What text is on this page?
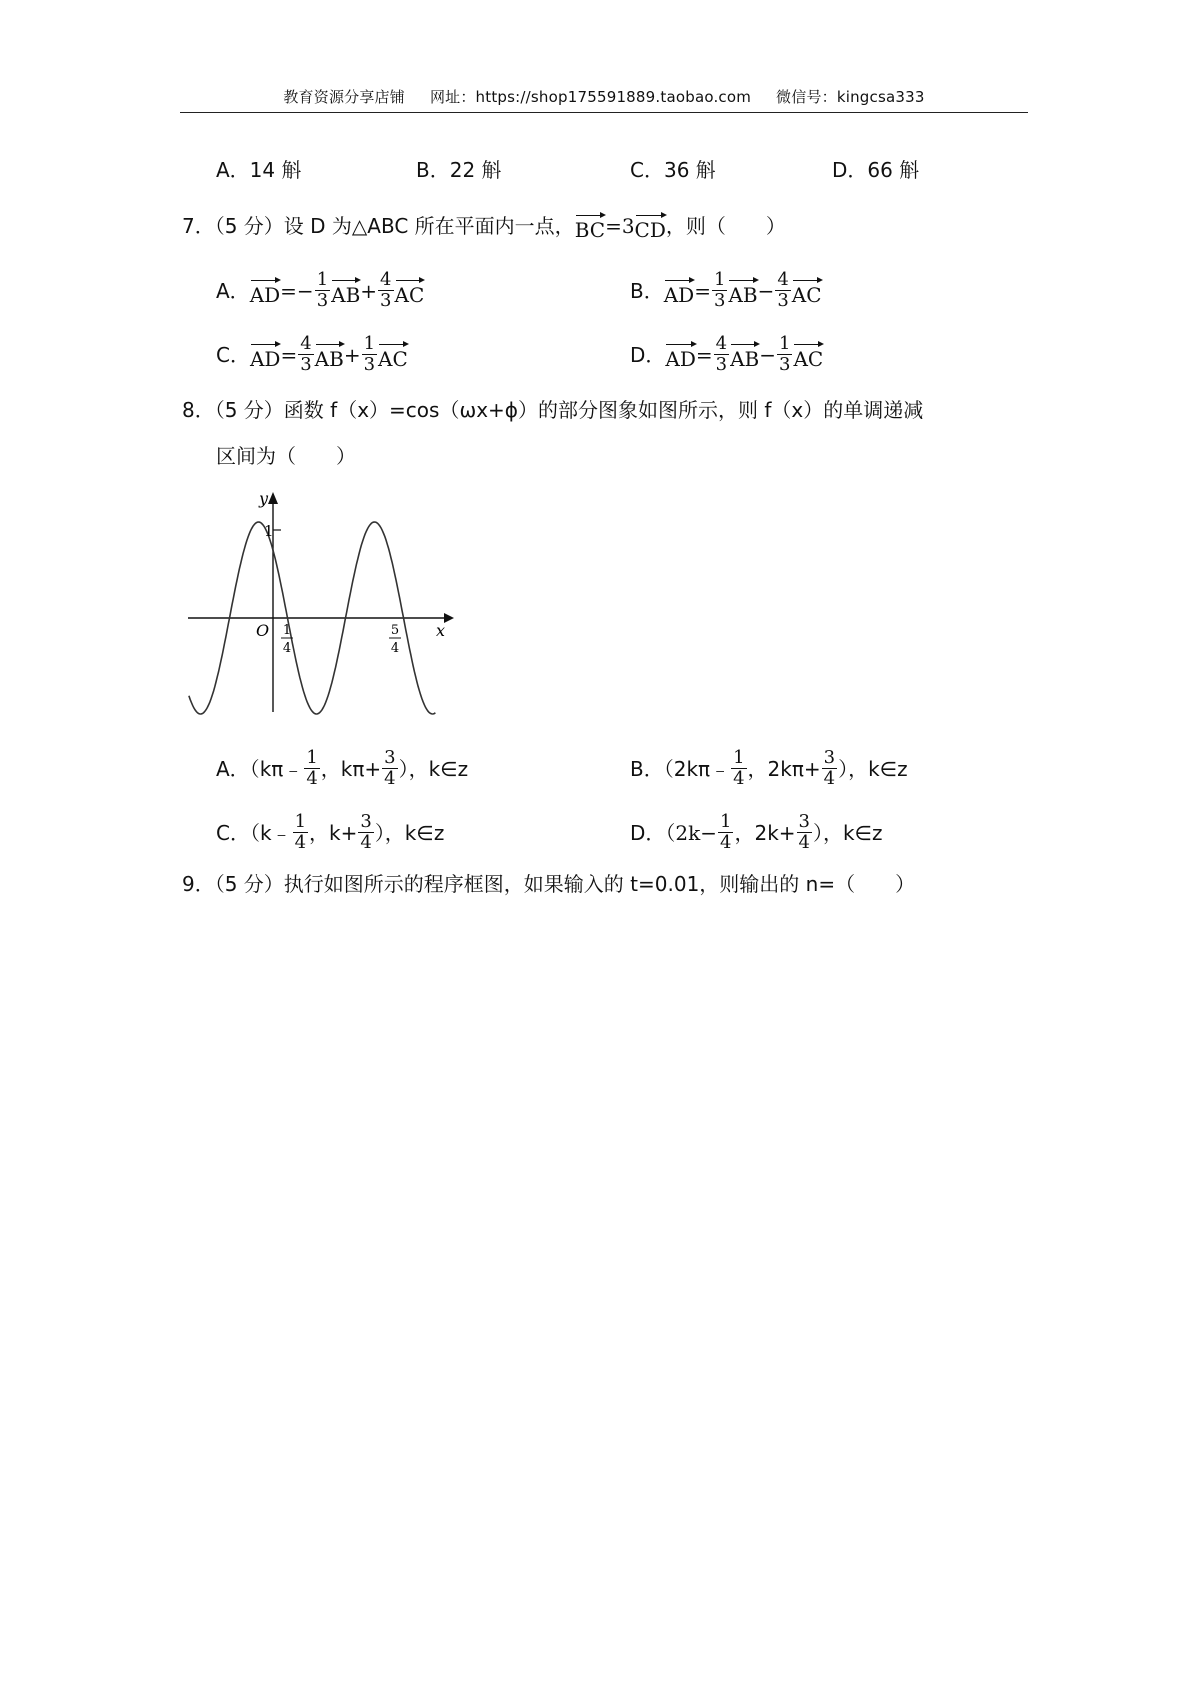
教育资源分享店铺 网址：https://shop175591889.taobao.com 微信号：kingcsa333
A．14 斛	B．22 斛	C．36 斛	D．66 斛
7．（5 分）设 D 为△ABC 所在平面内一点， BC =3 CD ，则（　　）
A． AD =− $\frac{1}{3}$ AB + $\frac{4}{3}$ AC	B． AD = $\frac{1}{3}$ AB − $\frac{4}{3}$ AC
C． AD = $\frac{4}{3}$ AB + $\frac{1}{3}$ AC	D． AD = $\frac{4}{3}$ AB − $\frac{1}{3}$ AC
8．（5 分）函数 f（x）=cos（ωx+ϕ）的部分图象如图所示，则 f（x）的单调递减
区间为（　　）
y
x
O
1
1
4
5
4
A．（ kπ﹣ $\frac{1}{4}$ ，$k\pi+ \frac{3}{4}$ ），k∈z	B．（ 2kπ﹣ $\frac{1}{4}$ ，$2k\pi+ \frac{3}{4}$ ），k∈z
C．（ k﹣ $\frac{1}{4}$ ，$k+ \frac{3}{4}$ ），k∈z	D．（ $2k- \frac{1}{4}$ ，$2k+ \frac{3}{4}$ ），k∈z
9．（5 分）执行如图所示的程序框图，如果输入的 t=0.01，则输出的 n=（　　）
